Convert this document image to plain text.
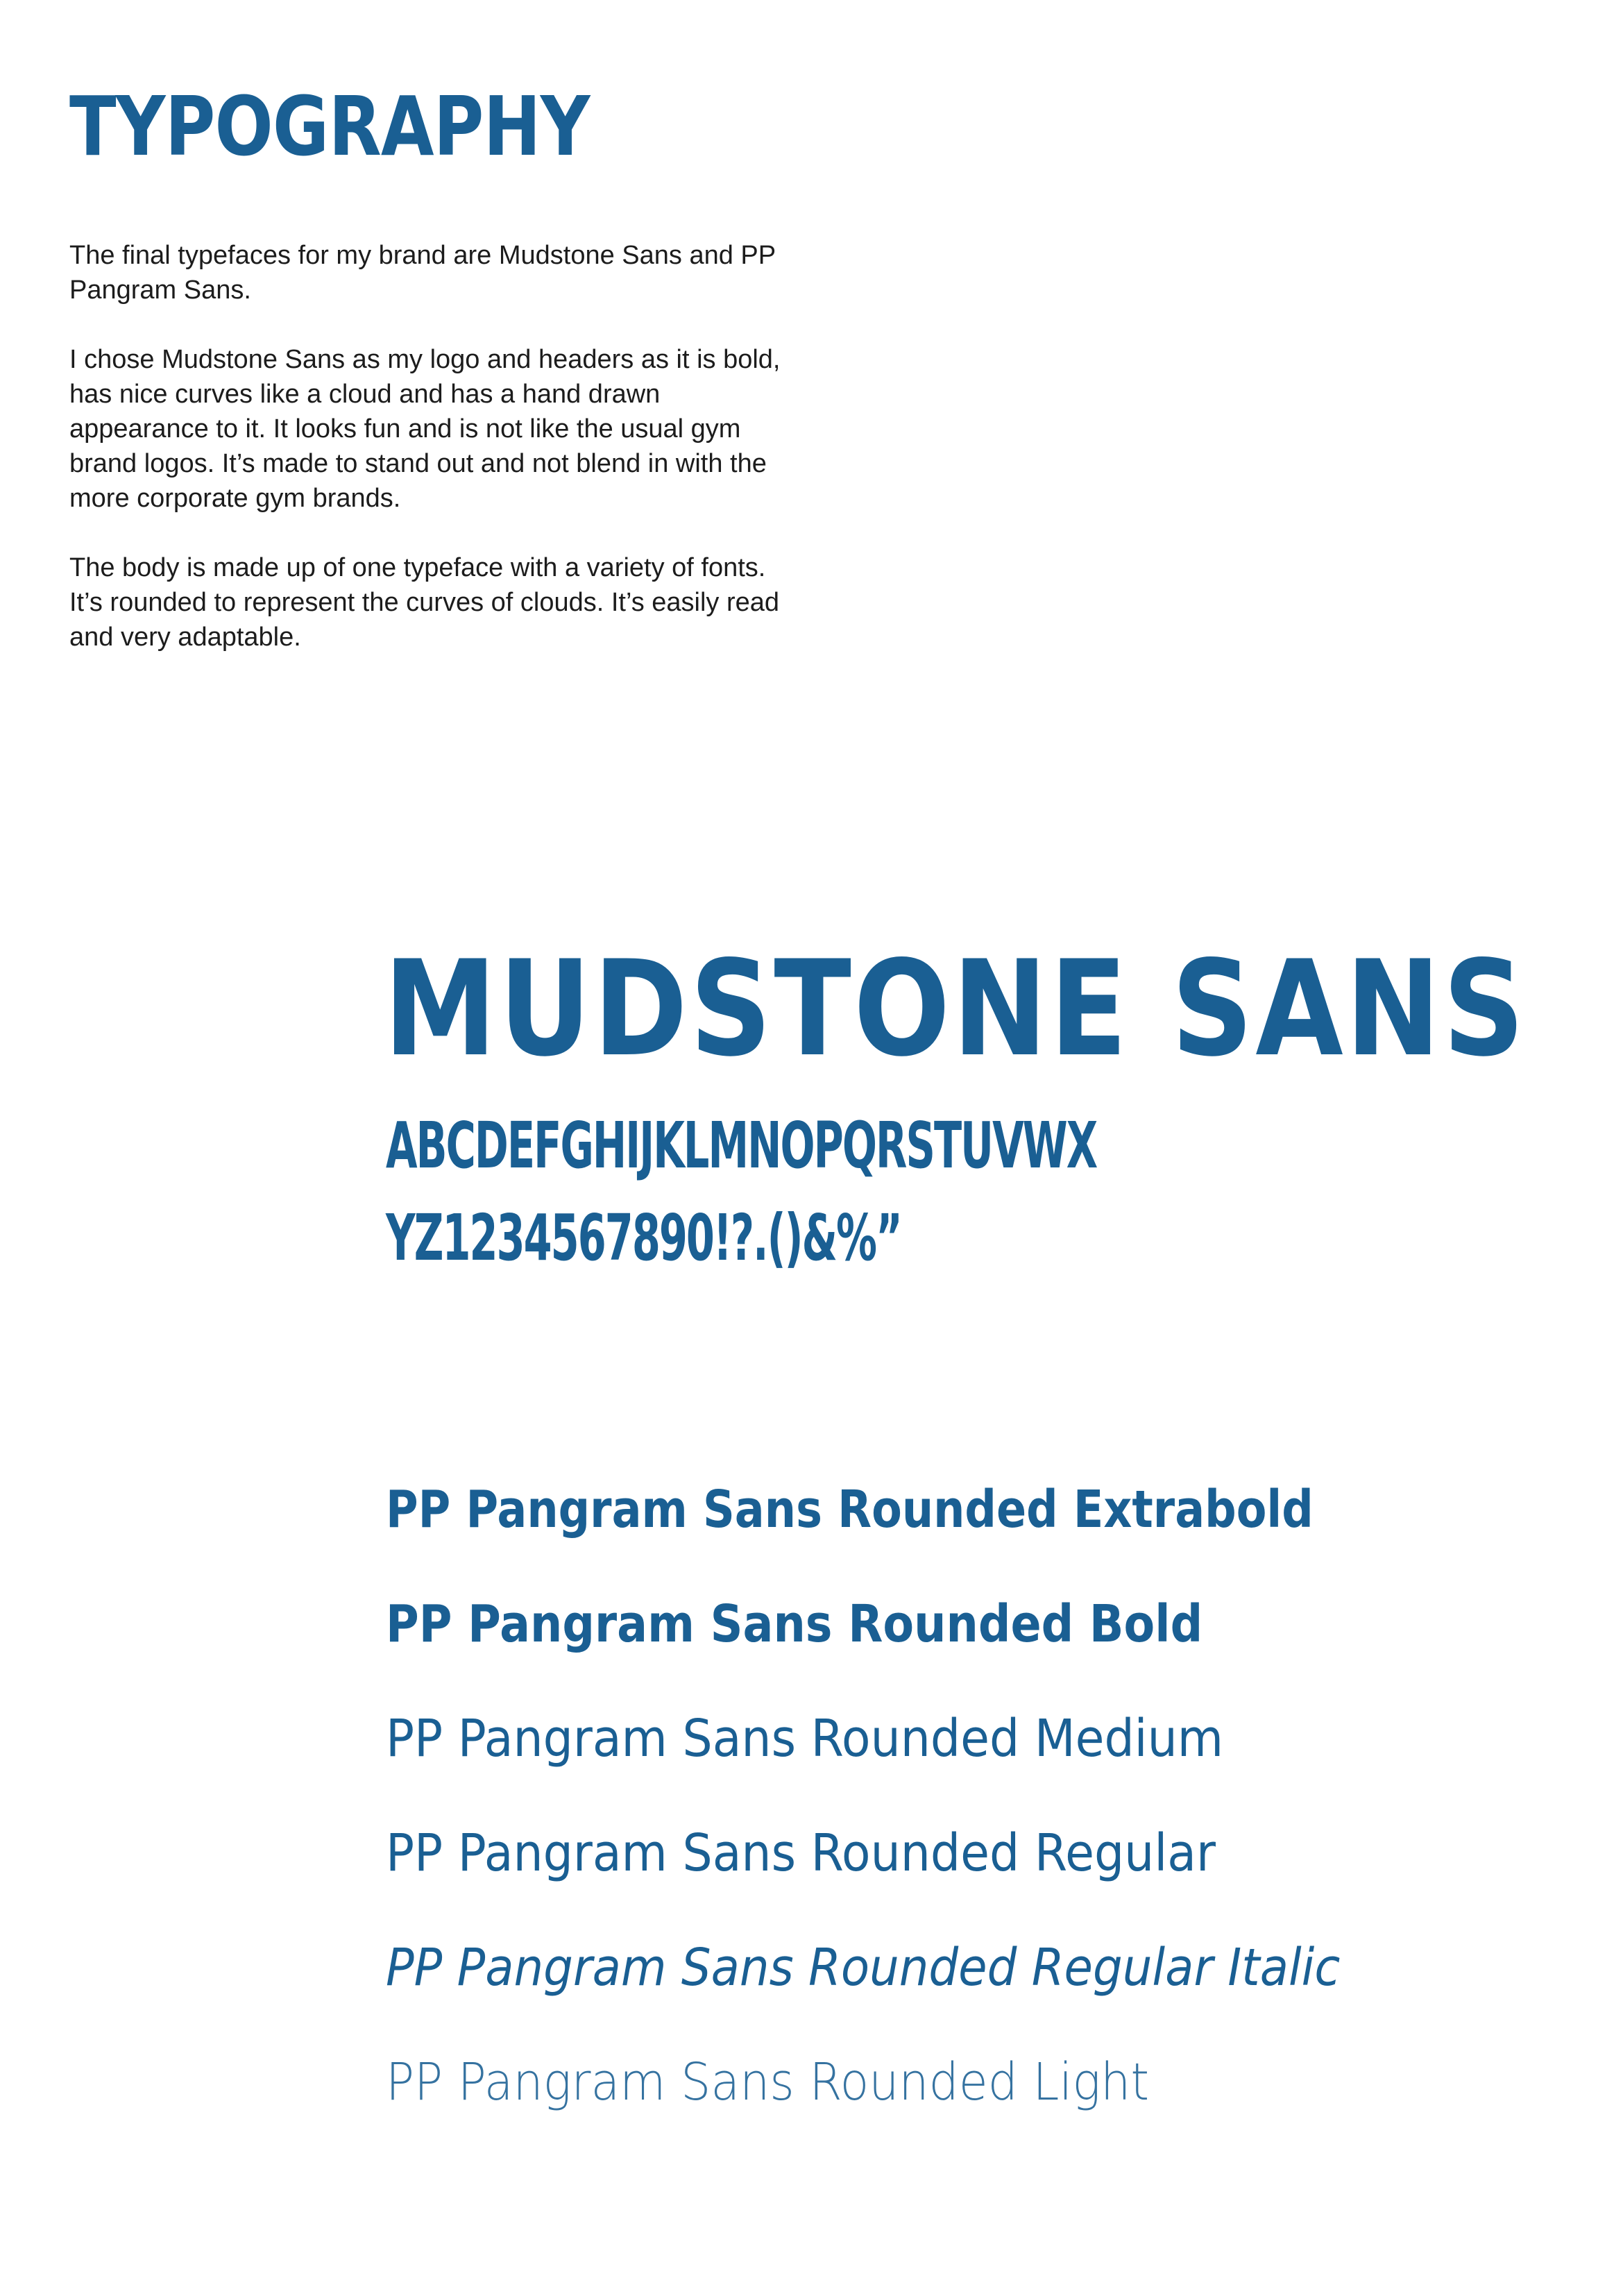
TYPOGRAPHY

The final typefaces for my brand are Mudstone Sans and PP Pangram Sans.

I chose Mudstone Sans as my logo and headers as it is bold, has nice curves like a cloud and has a hand drawn appearance to it. It looks fun and is not like the usual gym brand logos. It’s made to stand out and not blend in with the more corporate gym brands.

The body is made up of one typeface with a variety of fonts. It’s rounded to represent the curves of clouds. It’s easily read and very adaptable.

MUDSTONE SANS
ABCDEFGHIJKLMNOPQRSTUVWX
YZ1234567890!?.()&%”
PP Pangram Sans Rounded Extrabold
PP Pangram Sans Rounded Bold
PP Pangram Sans Rounded Medium
PP Pangram Sans Rounded Regular
PP Pangram Sans Rounded Regular Italic
PP Pangram Sans Rounded Light
